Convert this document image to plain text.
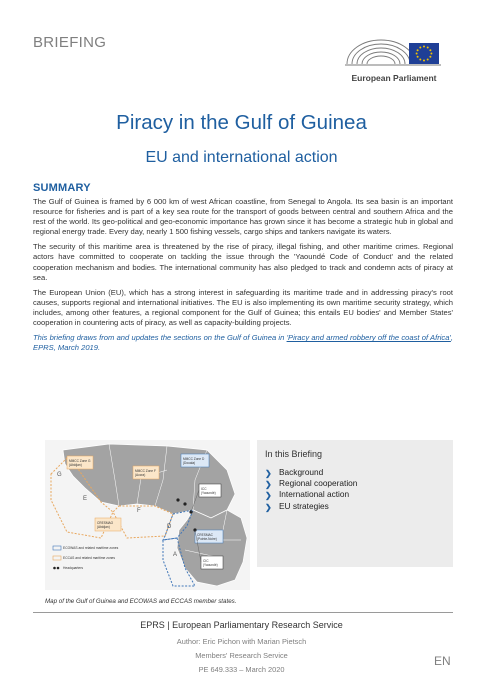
BRIEFING
European Parliament
Piracy in the Gulf of Guinea
EU and international action
SUMMARY

The Gulf of Guinea is framed by 6 000 km of west African coastline, from Senegal to Angola. Its sea basin is an important resource for fisheries and is part of a key sea route for the transport of goods between central and southern Africa and the rest of the world. Its geo-political and geo-economic importance has grown since it has become a strategic hub in global and regional energy trade. Every day, nearly 1 500 fishing vessels, cargo ships and tankers navigate its waters.

The security of this maritime area is threatened by the rise of piracy, illegal fishing, and other maritime crimes. Regional actors have committed to cooperate on tackling the issue through the 'Yaoundé Code of Conduct' and the related cooperation mechanism and bodies. The international community has also pledged to track and condemn acts of piracy at sea.

The European Union (EU), which has a strong interest in safeguarding its maritime trade and in addressing piracy's root causes, supports regional and international initiatives. The EU is also implementing its own maritime security strategy, which includes, among other features, a regional component for the Gulf of Guinea; this entails EU bodies' and Member States' cooperation in countering acts of piracy, as well as capacity-building projects.

This briefing draws from and updates the sections on the Gulf of Guinea in 'Piracy and armed robbery off the coast of Africa', EPRS, March 2019.

G
E
F
D
A
MMCC Zone G
(Abidjan)
MMCC Zone F
(Accra)
MMCC Zone D
(Douala)
CRESMAO
(Abidjan)
CRESMAC
(Pointe-Noire)
ICC
(Yaoundé)
CIC
(Yaoundé)
ECOWAS and related maritime zones
ECCAS and related maritime zones
Headquarters
Map of the Gulf of Guinea and ECOWAS and ECCAS member states.
In this Briefing
❯ Background
❯ Regional cooperation
❯ International action
❯ EU strategies
EPRS | European Parliamentary Research Service
Author: Eric Pichon with Marian Pietsch
Members' Research Service
PE 649.333 – March 2020
EN
